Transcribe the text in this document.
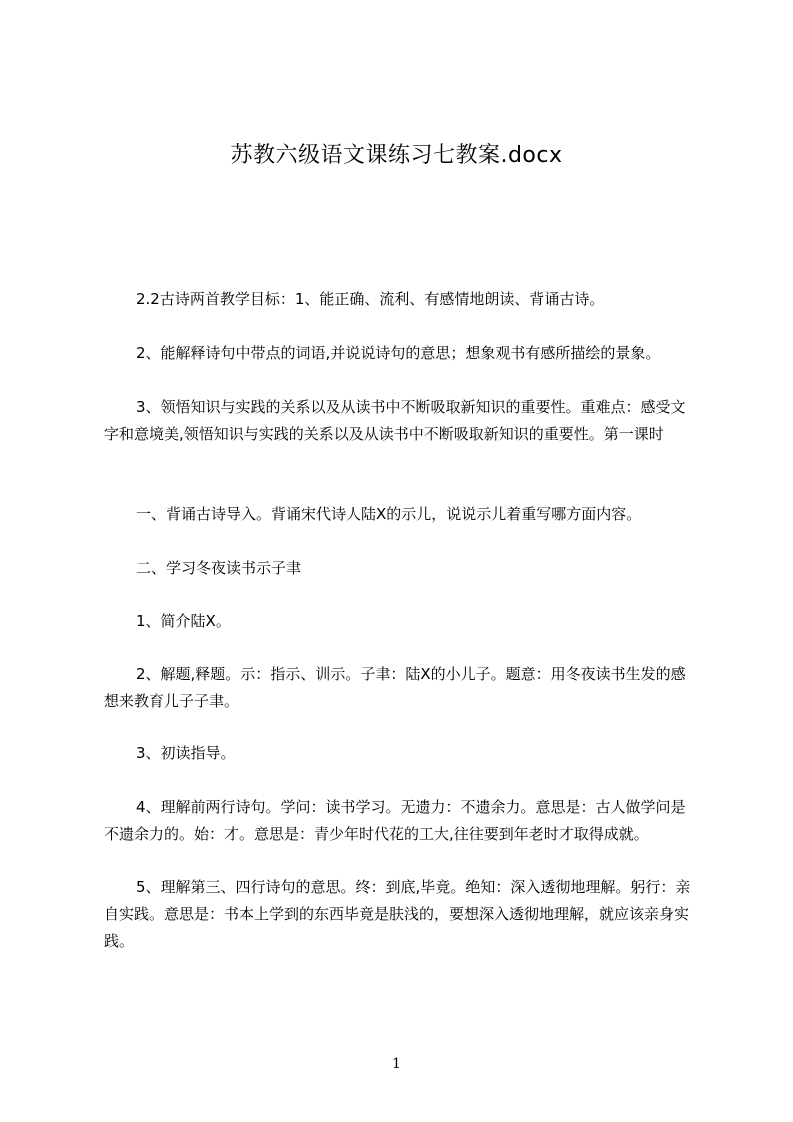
苏教六级语文课练习七教案.docx

2.2古诗两首教学目标：1、能正确、流利、有感情地朗读、背诵古诗。

2、能解释诗句中带点的词语,并说说诗句的意思；想象观书有感所描绘的景象。

3、领悟知识与实践的关系以及从读书中不断吸取新知识的重要性。重难点：感受文字和意境美,领悟知识与实践的关系以及从读书中不断吸取新知识的重要性。第一课时

一、背诵古诗导入。背诵宋代诗人陆X的示儿，说说示儿着重写哪方面内容。

二、学习冬夜读书示子聿

1、简介陆X。

2、解题,释题。示：指示、训示。子聿：陆X的小儿子。题意：用冬夜读书生发的感想来教育儿子子聿。

3、初读指导。

4、理解前两行诗句。学问：读书学习。无遗力：不遗余力。意思是：古人做学问是不遗余力的。始：才。意思是：青少年时代花的工大,往往要到年老时才取得成就。

5、理解第三、四行诗句的意思。终：到底,毕竟。绝知：深入透彻地理解。躬行：亲自实践。意思是：书本上学到的东西毕竟是肤浅的，要想深入透彻地理解，就应该亲身实践。

1
